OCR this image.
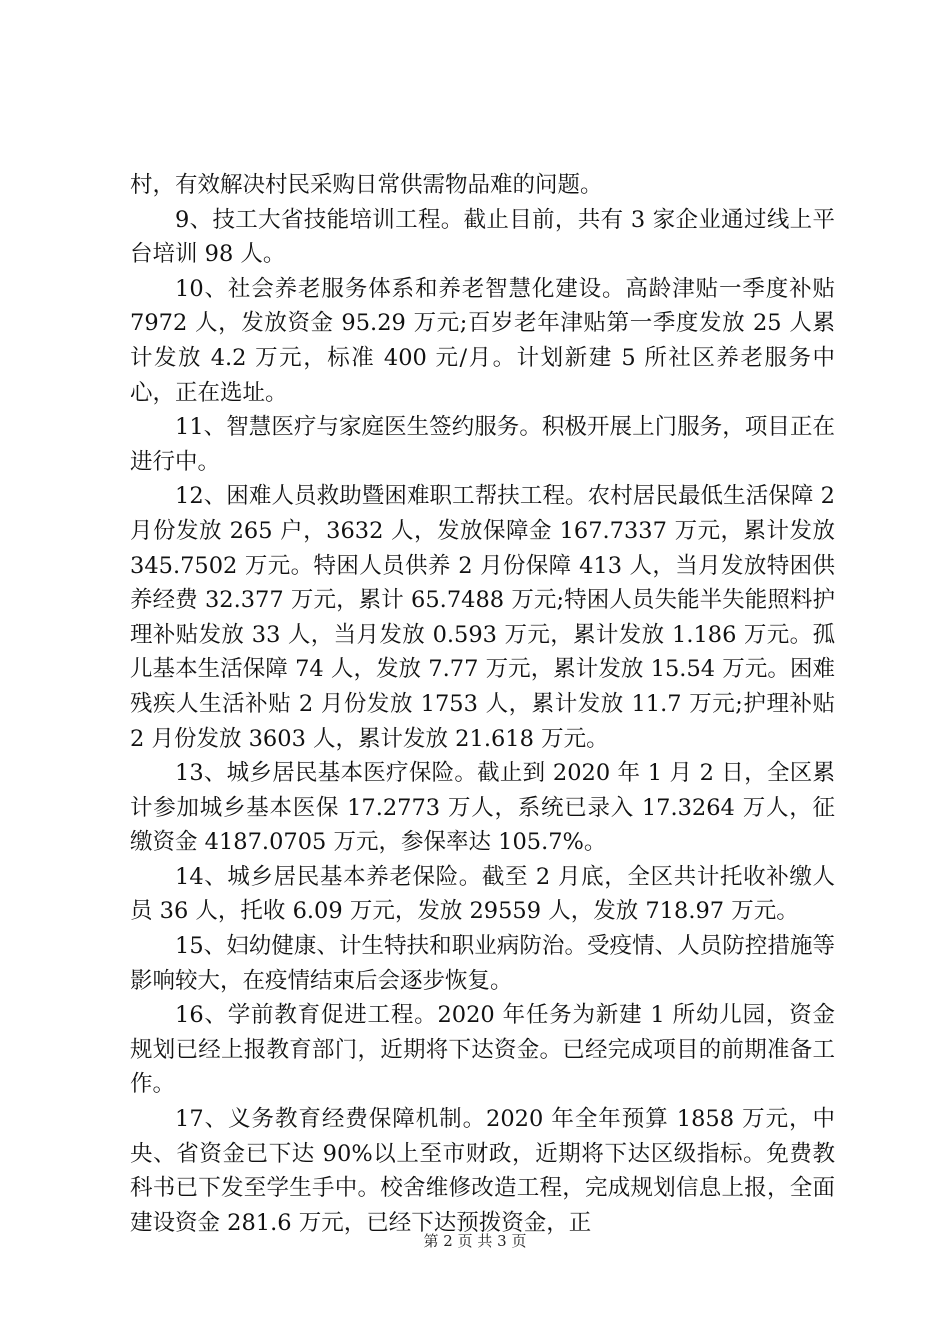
村，有效解决村民采购日常供需物品难的问题。

9、技工大省技能培训工程。截止目前，共有 3 家企业通过线上平台培训 98 人。

10、社会养老服务体系和养老智慧化建设。高龄津贴一季度补贴 7972 人，发放资金 95.29 万元;百岁老年津贴第一季度发放 25 人累计发放 4.2 万元，标准 400 元/月。计划新建 5 所社区养老服务中心，正在选址。

11、智慧医疗与家庭医生签约服务。积极开展上门服务，项目正在进行中。

12、困难人员救助暨困难职工帮扶工程。农村居民最低生活保障 2 月份发放 265 户，3632 人，发放保障金 167.7337 万元，累计发放 345.7502 万元。特困人员供养 2 月份保障 413 人，当月发放特困供养经费 32.377 万元，累计 65.7488 万元;特困人员失能半失能照料护理补贴发放 33 人，当月发放 0.593 万元，累计发放 1.186 万元。孤儿基本生活保障 74 人，发放 7.77 万元，累计发放 15.54 万元。困难残疾人生活补贴 2 月份发放 1753 人，累计发放 11.7 万元;护理补贴 2 月份发放 3603 人，累计发放 21.618 万元。

13、城乡居民基本医疗保险。截止到 2020 年 1 月 2 日，全区累计参加城乡基本医保 17.2773 万人，系统已录入 17.3264 万人，征缴资金 4187.0705 万元，参保率达 105.7%。

14、城乡居民基本养老保险。截至 2 月底，全区共计托收补缴人员 36 人，托收 6.09 万元，发放 29559 人，发放 718.97 万元。

15、妇幼健康、计生特扶和职业病防治。受疫情、人员防控措施等影响较大，在疫情结束后会逐步恢复。

16、学前教育促进工程。2020 年任务为新建 1 所幼儿园，资金规划已经上报教育部门，近期将下达资金。已经完成项目的前期准备工作。

17、义务教育经费保障机制。2020 年全年预算 1858 万元，中央、省资金已下达 90%以上至市财政，近期将下达区级指标。免费教科书已下发至学生手中。校舍维修改造工程，完成规划信息上报，全面建设资金 281.6 万元，已经下达预拨资金，正

第 2 页 共 3 页
